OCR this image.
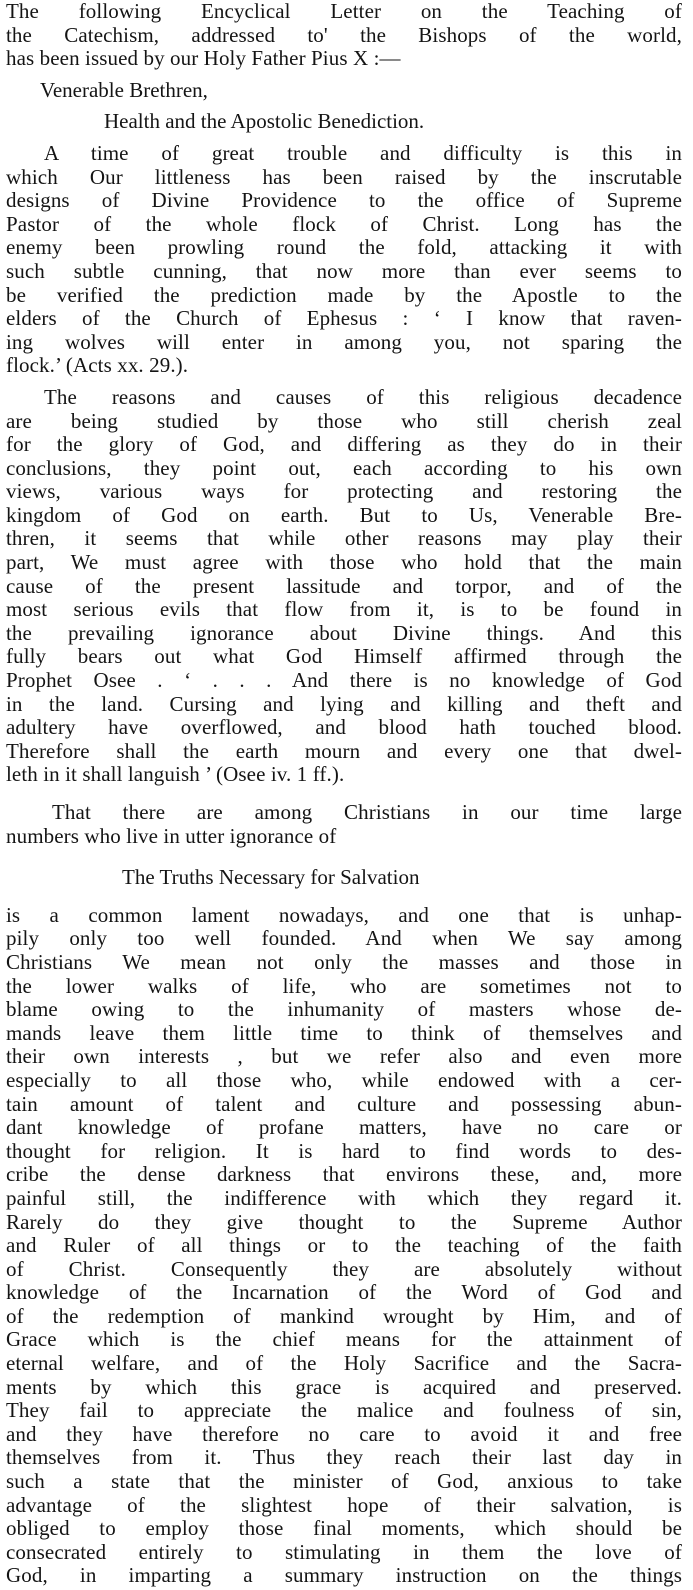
The following Encyclical Letter on the Teaching of
the Catechism, addressed to' the Bishops of the world,
has been issued by our Holy Father Pius X :—
Venerable Brethren,
Health and the Apostolic Benediction.
A time of great trouble and difficulty is this in
which Our littleness has been raised by the inscrutable
designs of Divine Providence to the office of Supreme
Pastor of the whole flock of Christ. Long has the
enemy been prowling round the fold, attacking it with
such subtle cunning, that now more than ever seems to
be verified the prediction made by the Apostle to the
elders of the Church of Ephesus : ‘ I know that raven-
ing wolves will enter in among you, not sparing the
flock.’ (Acts xx. 29.).
The reasons and causes of this religious decadence
are being studied by those who still cherish zeal
for the glory of God, and differing as they do in their
conclusions, they point out, each according to his own
views, various ways for protecting and restoring the
kingdom of God on earth. But to Us, Venerable Bre-
thren, it seems that while other reasons may play their
part, We must agree with those who hold that the main
cause of the present lassitude and torpor, and of the
most serious evils that flow from it, is to be found in
the prevailing ignorance about Divine things. And this
fully bears out what God Himself affirmed through the
Prophet Osee . ‘ . . . And there is no knowledge of God
in the land. Cursing and lying and killing and theft and
adultery have overflowed, and blood hath touched blood.
Therefore shall the earth mourn and every one that dwel-
leth in it shall languish ’ (Osee iv. 1 ff.).
That there are among Christians in our time large
numbers who live in utter ignorance of
The Truths Necessary for Salvation
is a common lament nowadays, and one that is unhap-
pily only too well founded. And when We say among
Christians We mean not only the masses and those in
the lower walks of life, who are sometimes not to
blame owing to the inhumanity of masters whose de-
mands leave them little time to think of themselves and
their own interests , but we refer also and even more
especially to all those who, while endowed with a cer-
tain amount of talent and culture and possessing abun-
dant knowledge of profane matters, have no care or
thought for religion. It is hard to find words to des-
cribe the dense darkness that environs these, and, more
painful still, the indifference with which they regard it.
Rarely do they give thought to the Supreme Author
and Ruler of all things or to the teaching of the faith
of Christ. Consequently they are absolutely without
knowledge of the Incarnation of the Word of God and
of the redemption of mankind wrought by Him, and of
Grace which is the chief means for the attainment of
eternal welfare, and of the Holy Sacrifice and the Sacra-
ments by which this grace is acquired and preserved.
They fail to appreciate the malice and foulness of sin,
and they have therefore no care to avoid it and free
themselves from it. Thus they reach their last day in
such a state that the minister of God, anxious to take
advantage of the slightest hope of their salvation, is
obliged to employ those final moments, which should be
consecrated entirely to stimulating in them the love of
God, in imparting a summary instruction on the things
